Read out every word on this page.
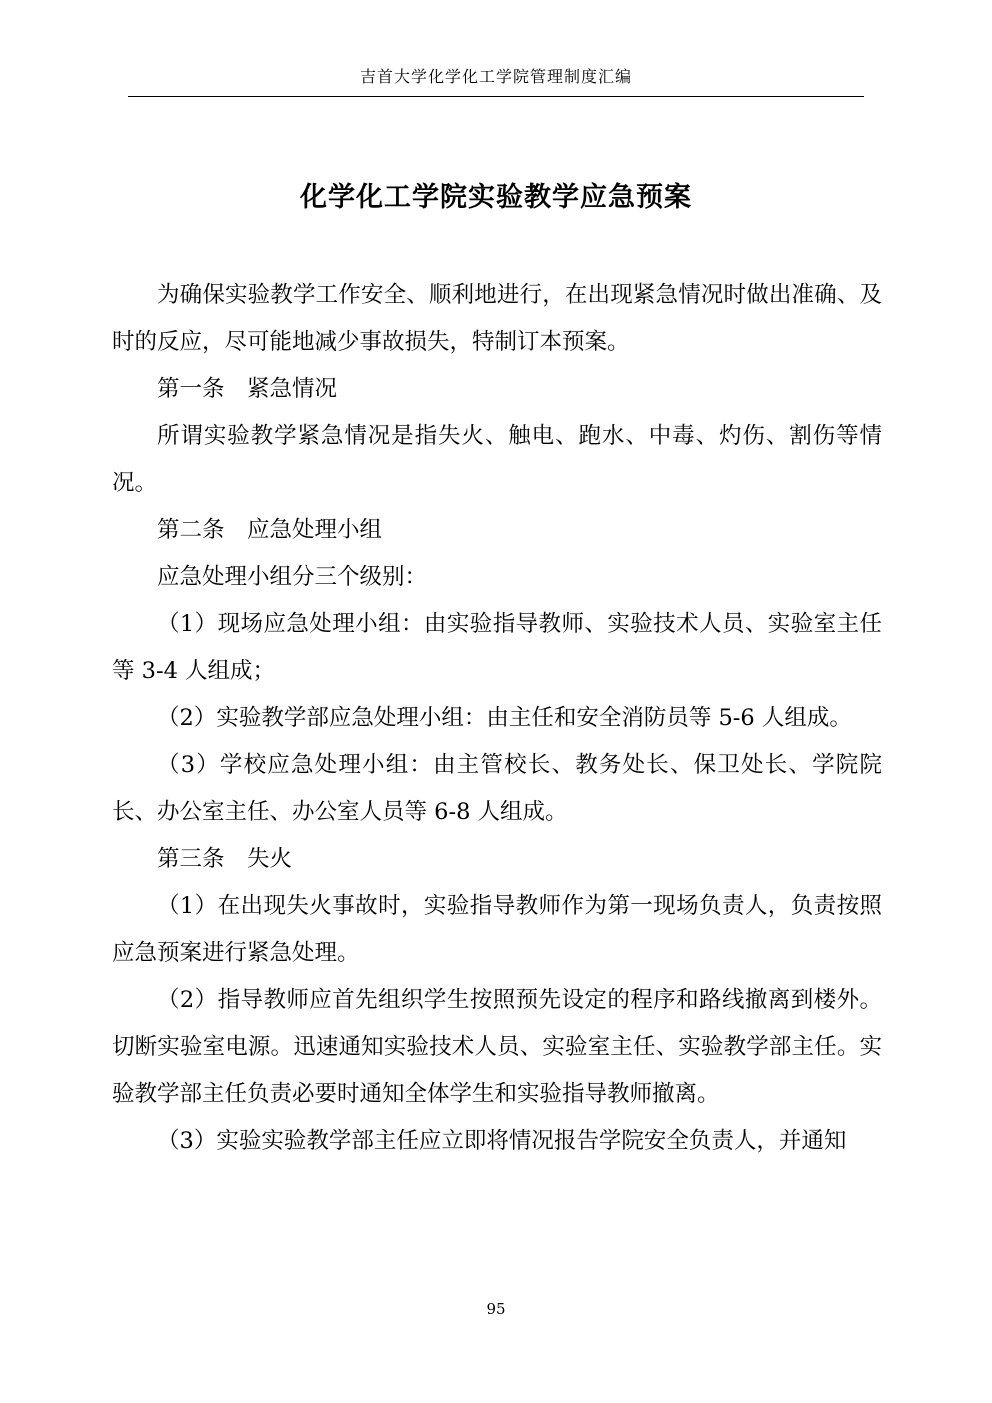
吉首大学化学化工学院管理制度汇编
化学化工学院实验教学应急预案

为确保实验教学工作安全、顺利地进行，在出现紧急情况时做出准确、及时的反应，尽可能地减少事故损失，特制订本预案。

第一条　紧急情况

所谓实验教学紧急情况是指失火、触电、跑水、中毒、灼伤、割伤等情况。

第二条　应急处理小组

应急处理小组分三个级别：

（1）现场应急处理小组：由实验指导教师、实验技术人员、实验室主任等 3-4 人组成；

（2）实验教学部应急处理小组：由主任和安全消防员等 5-6 人组成。

（3）学校应急处理小组：由主管校长、教务处长、保卫处长、学院院长、办公室主任、办公室人员等 6-8 人组成。

第三条　失火

（1）在出现失火事故时，实验指导教师作为第一现场负责人，负责按照应急预案进行紧急处理。

（2）指导教师应首先组织学生按照预先设定的程序和路线撤离到楼外。切断实验室电源。迅速通知实验技术人员、实验室主任、实验教学部主任。实验教学部主任负责必要时通知全体学生和实验指导教师撤离。

（3）实验实验教学部主任应立即将情况报告学院安全负责人，并通知

95
